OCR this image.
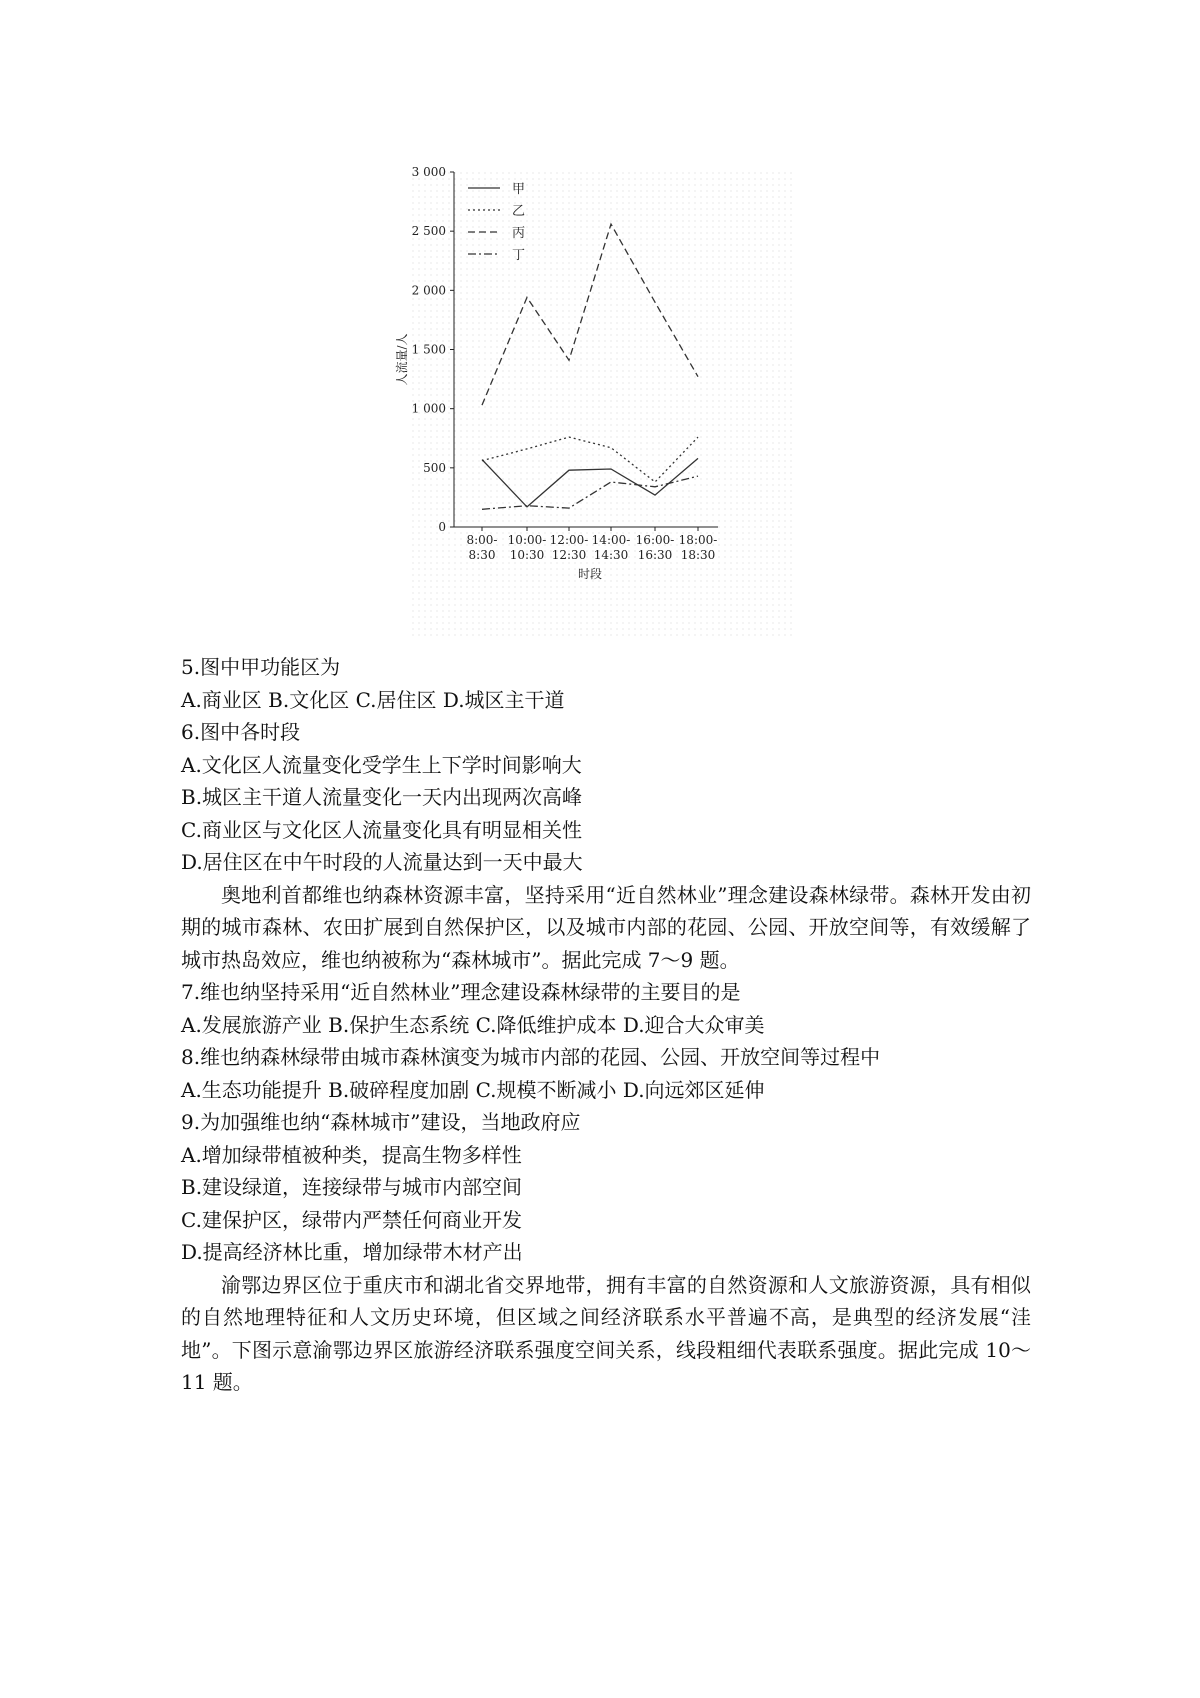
0
500
1 000
1 500
2 000
2 500
3 000
8:00-
8:30
10:00-
10:30
12:00-
12:30
14:00-
14:30
16:00-
16:30
18:00-
18:30
时段
人流量/人
甲
乙
丙
丁

5.图中甲功能区为

A.商业区 B.文化区 C.居住区 D.城区主干道

6.图中各时段

A.文化区人流量变化受学生上下学时间影响大

B.城区主干道人流量变化一天内出现两次高峰

C.商业区与文化区人流量变化具有明显相关性

D.居住区在中午时段的人流量达到一天中最大

奥地利首都维也纳森林资源丰富，坚持采用“近自然林业”理念建设森林绿带。森林开发由初期的城市森林、农田扩展到自然保护区，以及城市内部的花园、公园、开放空间等，有效缓解了城市热岛效应，维也纳被称为“森林城市”。据此完成 7～9 题。

7.维也纳坚持采用“近自然林业”理念建设森林绿带的主要目的是

A.发展旅游产业 B.保护生态系统 C.降低维护成本 D.迎合大众审美

8.维也纳森林绿带由城市森林演变为城市内部的花园、公园、开放空间等过程中

A.生态功能提升 B.破碎程度加剧 C.规模不断减小 D.向远郊区延伸

9.为加强维也纳“森林城市”建设，当地政府应

A.增加绿带植被种类，提高生物多样性

B.建设绿道，连接绿带与城市内部空间

C.建保护区，绿带内严禁任何商业开发

D.提高经济林比重，增加绿带木材产出

渝鄂边界区位于重庆市和湖北省交界地带，拥有丰富的自然资源和人文旅游资源，具有相似的自然地理特征和人文历史环境，但区域之间经济联系水平普遍不高，是典型的经济发展“洼地”。下图示意渝鄂边界区旅游经济联系强度空间关系，线段粗细代表联系强度。据此完成 10～11 题。
